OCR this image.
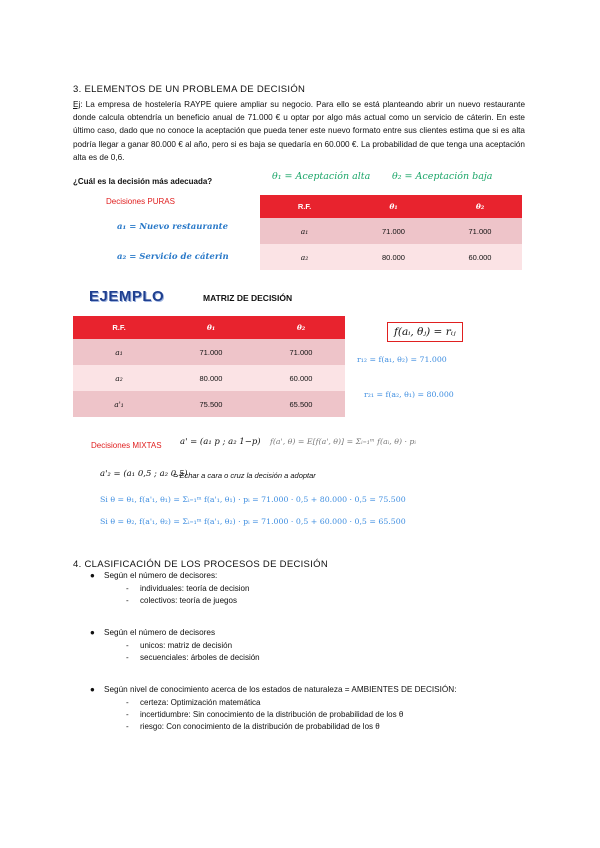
3. ELEMENTOS DE UN PROBLEMA DE DECISIÓN
Ej: La empresa de hostelería RAYPE quiere ampliar su negocio. Para ello se está planteando abrir un nuevo restaurante donde calcula obtendría un beneficio anual de 71.000 € u optar por algo más actual como un servicio de cáterin. En este último caso, dado que no conoce la aceptación que pueda tener este nuevo formato entre sus clientes estima que si es alta podría llegar a ganar 80.000 € al año, pero si es baja se quedaría en 60.000 €. La probabilidad de que tenga una aceptación alta es de 0,6.
¿Cuál es la decisión más adecuada?	θ₁ = Aceptación alta θ₂ = Aceptación baja
Decisiones PURAS
a₁ = Nuevo restaurante
a₂ = Servicio de cáterin
R.F.	θ₁	θ₂
a₁	71.000	71.000
a₂	80.000	60.000
EJEMPLO	MATRIZ DE DECISIÓN
R.F.	θ₁	θ₂
a₁	71.000	71.000
a₂	80.000	60.000
a'₁	75.500	65.500
f(aᵢ, θⱼ) = rᵢⱼ
r₁₂ = f(a₁, θ₂) = 71.000
r₂₁ = f(a₂, θ₁) = 80.000
Decisiones MIXTAS a' = (a₁ p ; a₂ 1−p) f(a', θ) = E[f(a', θ)] = Σᵢ₌₁ᵐ f(aᵢ, θ) · pᵢ
a'₂ = (a₁ 0,5 ; a₂ 0,5)
= Echar a cara o cruz la decisión a adoptar
Si θ = θ₁, f(a'₁, θ₁) = Σᵢ₌₁ᵐ f(a'₁, θ₁) · pᵢ = 71.000 · 0,5 + 80.000 · 0,5 = 75.500
Si θ = θ₂, f(a'₁, θ₂) = Σᵢ₌₁ᵐ f(a'₁, θ₂) · pᵢ = 71.000 · 0,5 + 60.000 · 0,5 = 65.500
4. CLASIFICACIÓN DE LOS PROCESOS DE DECISIÓN
●	Según el número de decisores:
-	individuales: teoría de decision
-	colectivos: teoría de juegos
●	Según el número de decisores
-	unicos: matriz de decisión
-	secuenciales: árboles de decisión
●	Según nivel de conocimiento acerca de los estados de naturaleza = AMBIENTES DE DECISIÓN:
-	certeza: Optimización matemática
-	incertidumbre: Sin conocimiento de la distribución de probabilidad de los θ
-	riesgo: Con conocimiento de la distribución de probabilidad de los θ
